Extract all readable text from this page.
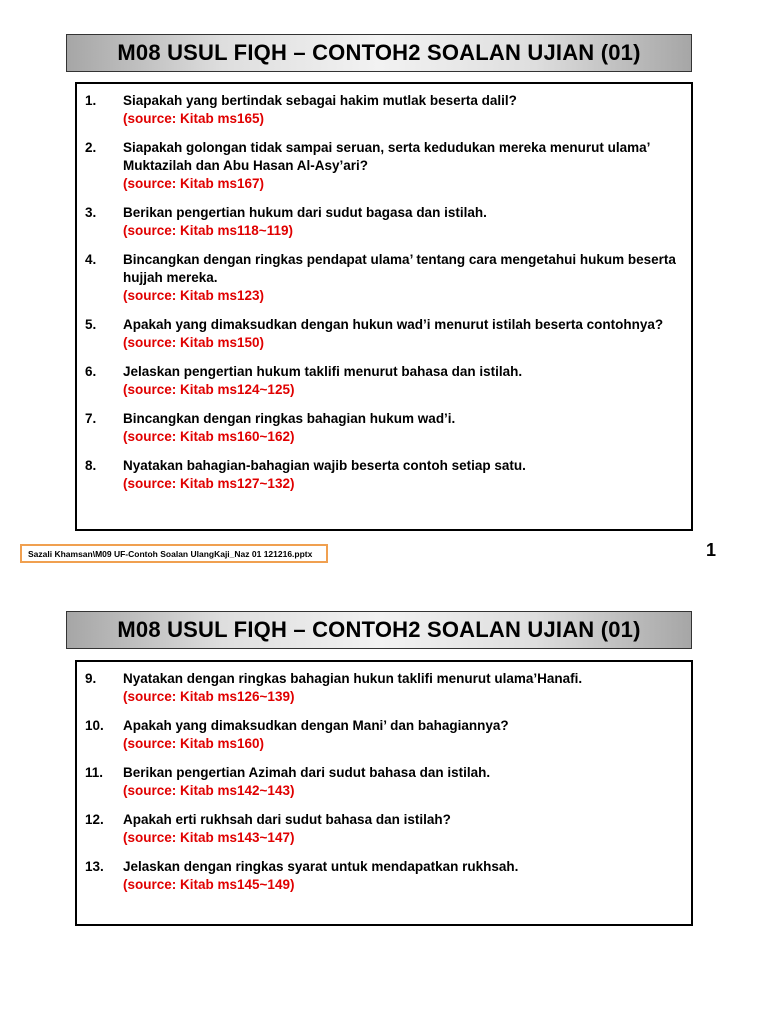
M08 USUL FIQH – CONTOH2 SOALAN UJIAN (01)
1.	Siapakah yang bertindak sebagai hakim mutlak beserta dalil?
(source: Kitab ms165)
2.	Siapakah golongan tidak sampai seruan, serta kedudukan mereka menurut ulama’ Muktazilah dan Abu Hasan Al-Asy’ari?
(source: Kitab ms167)
3.	Berikan pengertian hukum dari sudut bagasa dan istilah.
(source: Kitab ms118~119)
4.	Bincangkan dengan ringkas pendapat ulama’ tentang cara mengetahui hukum beserta hujjah mereka.
(source: Kitab ms123)
5.	Apakah yang dimaksudkan dengan hukun wad’i menurut istilah beserta contohnya?
(source: Kitab ms150)
6.	Jelaskan pengertian hukum taklifi menurut bahasa dan istilah.
(source: Kitab ms124~125)
7.	Bincangkan dengan ringkas bahagian hukum wad’i.
(source: Kitab ms160~162)
8.	Nyatakan bahagian-bahagian wajib beserta contoh setiap satu.
(source: Kitab ms127~132)
Sazali Khamsan\M09 UF-Contoh Soalan UlangKaji_Naz 01 121216.pptx	1
M08 USUL FIQH – CONTOH2 SOALAN UJIAN (01)
9.	Nyatakan dengan ringkas bahagian hukun taklifi menurut ulama’Hanafi.
(source: Kitab ms126~139)
10.	Apakah yang dimaksudkan dengan Mani’ dan bahagiannya?
(source: Kitab ms160)
11.	Berikan pengertian Azimah dari sudut bahasa dan istilah.
(source: Kitab ms142~143)
12.	Apakah erti rukhsah dari sudut bahasa dan istilah?
(source: Kitab ms143~147)
13.	Jelaskan dengan ringkas syarat untuk mendapatkan rukhsah.
(source: Kitab ms145~149)
